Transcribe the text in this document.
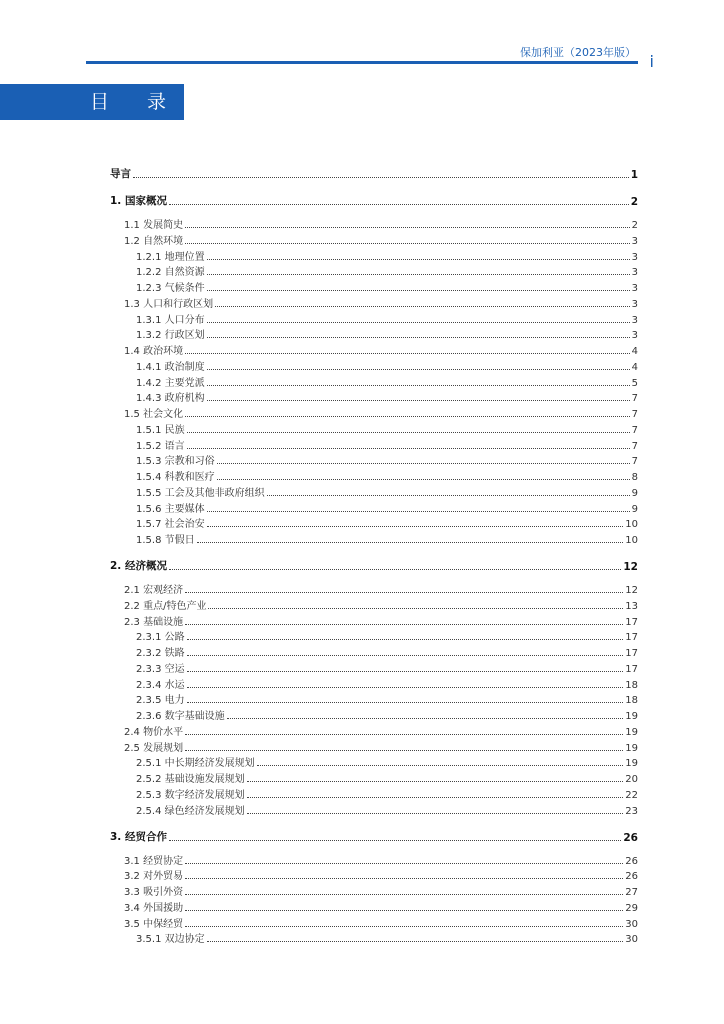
保加利亚（2023年版） i
目 录
导言	1
1. 国家概况	2
1.1 发展简史	2
1.2 自然环境	3
1.2.1 地理位置	3
1.2.2 自然资源	3
1.2.3 气候条件	3
1.3 人口和行政区划	3
1.3.1 人口分布	3
1.3.2 行政区划	3
1.4 政治环境	4
1.4.1 政治制度	4
1.4.2 主要党派	5
1.4.3 政府机构	7
1.5 社会文化	7
1.5.1 民族	7
1.5.2 语言	7
1.5.3 宗教和习俗	7
1.5.4 科教和医疗	8
1.5.5 工会及其他非政府组织	9
1.5.6 主要媒体	9
1.5.7 社会治安	10
1.5.8 节假日	10
2. 经济概况	12
2.1 宏观经济	12
2.2 重点/特色产业	13
2.3 基础设施	17
2.3.1 公路	17
2.3.2 铁路	17
2.3.3 空运	17
2.3.4 水运	18
2.3.5 电力	18
2.3.6 数字基础设施	19
2.4 物价水平	19
2.5 发展规划	19
2.5.1 中长期经济发展规划	19
2.5.2 基础设施发展规划	20
2.5.3 数字经济发展规划	22
2.5.4 绿色经济发展规划	23
3. 经贸合作	26
3.1 经贸协定	26
3.2 对外贸易	26
3.3 吸引外资	27
3.4 外国援助	29
3.5 中保经贸	30
3.5.1 双边协定	30
